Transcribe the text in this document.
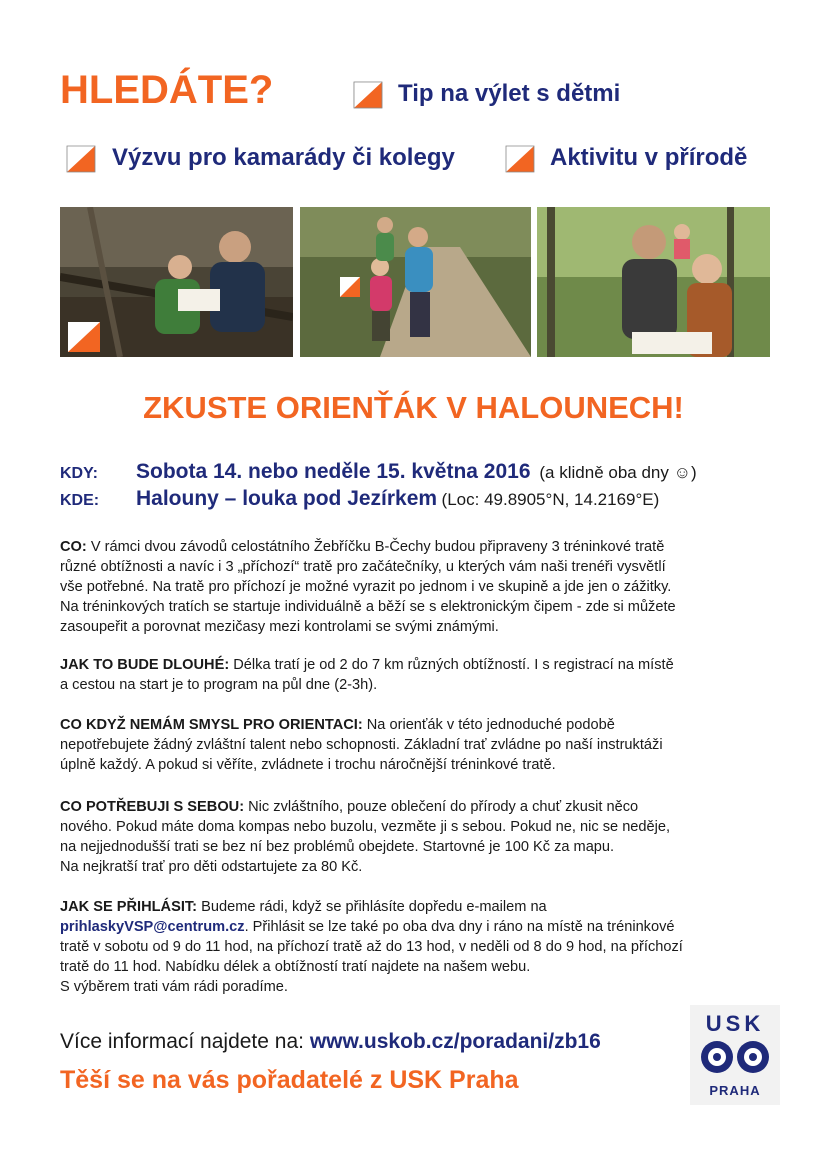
HLEDÁTE?	Tip na výlet s dětmi
Výzvu pro kamarády či kolegy	Aktivitu v přírodě
ZKUSTE ORIENŤÁK V HALOUNECH!
KDY: Sobota 14. nebo neděle 15. května 2016 (a klidně oba dny ☺)
KDE: Halouny – louka pod Jezírkem (Loc: 49.8905°N, 14.2169°E)
CO: V rámci dvou závodů celostátního Žebříčku B-Čechy budou připraveny 3 tréninkové tratě
různé obtížnosti a navíc i 3 „příchozí“ tratě pro začátečníky, u kterých vám naši trenéři vysvětlí
vše potřebné. Na tratě pro příchozí je možné vyrazit po jednom i ve skupině a jde jen o zážitky.
Na tréninkových tratích se startuje individuálně a běží se s elektronickým čipem - zde si můžete
zasoupeřit a porovnat mezičasy mezi kontrolami se svými známými.
JAK TO BUDE DLOUHÉ: Délka tratí je od 2 do 7 km různých obtížností. I s registrací na místě
a cestou na start je to program na půl dne (2-3h).
CO KDYŽ NEMÁM SMYSL PRO ORIENTACI: Na orienťák v této jednoduché podobě
nepotřebujete žádný zvláštní talent nebo schopnosti. Základní trať zvládne po naší instruktáži
úplně každý. A pokud si věříte, zvládnete i trochu náročnější tréninkové tratě.
CO POTŘEBUJI S SEBOU: Nic zvláštního, pouze oblečení do přírody a chuť zkusit něco
nového. Pokud máte doma kompas nebo buzolu, vezměte ji s sebou. Pokud ne, nic se neděje,
na nejjednodušší trati se bez ní bez problémů obejdete. Startovné je 100 Kč za mapu.
Na nejkratší trať pro děti odstartujete za 80 Kč.
JAK SE PŘIHLÁSIT: Budeme rádi, když se přihlásíte dopředu e-mailem na
prihlaskyVSP@centrum.cz. Přihlásit se lze také po oba dva dny i ráno na místě na tréninkové
tratě v sobotu od 9 do 11 hod, na příchozí tratě až do 13 hod, v neděli od 8 do 9 hod, na příchozí
tratě do 11 hod. Nabídku délek a obtížností tratí najdete na našem webu.
S výběrem trati vám rádi poradíme.
Více informací najdete na: www.uskob.cz/poradani/zb16
Těší se na vás pořadatelé z USK Praha
USK
PRAHA
